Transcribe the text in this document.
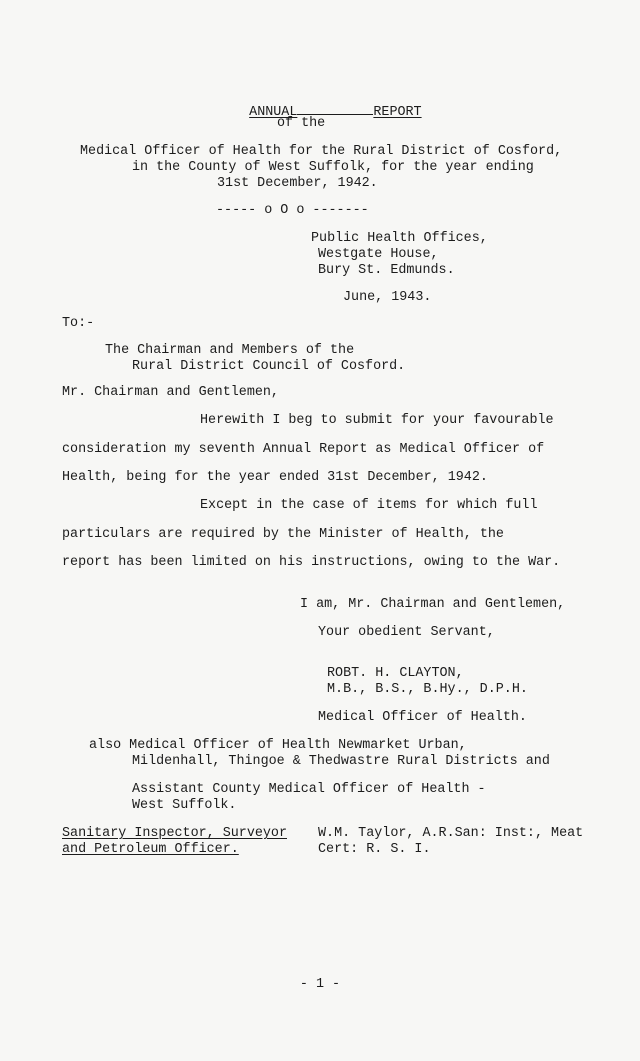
ANNUAL	REPORT

of the
Medical Officer of Health for the Rural District of Cosford,
in the County of West Suffolk, for the year ending
31st December, 1942.
----- o O o -------
Public Health Offices,
Westgate House,
Bury St. Edmunds.
June, 1943.
To:-
The Chairman and Members of the
Rural District Council of Cosford.
Mr. Chairman and Gentlemen,
Herewith I beg to submit for your favourable
consideration my seventh Annual Report as Medical Officer of
Health, being for the year ended 31st December, 1942.
Except in the case of items for which full
particulars are required by the Minister of Health, the
report has been limited on his instructions, owing to the War.
I am, Mr. Chairman and Gentlemen,
Your obedient Servant,
ROBT. H. CLAYTON,
M.B., B.S., B.Hy., D.P.H.
Medical Officer of Health.
also Medical Officer of Health Newmarket Urban,
Mildenhall, Thingoe & Thedwastre Rural Districts and
Assistant County Medical Officer of Health -
West Suffolk.
Sanitary Inspector, Surveyor
and Petroleum Officer.
W.M. Taylor, A.R.San: Inst:, Meat
Cert: R. S. I.
- 1 -
